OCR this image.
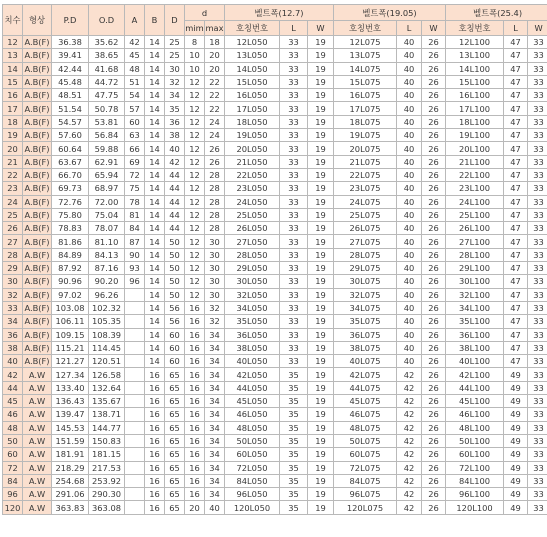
치수	형상	P.D	O.D	A	B	D	d		벨트폭(12.7)			벨트폭(19.05)			벨트폭(25.4)		
							mim	max	호칭번호	L	W	호칭번호	L	W	호칭번호	L	W
12	A.B(F)	36.38	35.62	42	14	25	8	18	12L050	33	19	12L075	40	26	12L100	47	33
13	A.B(F)	39.41	38.65	45	14	25	10	20	13L050	33	19	13L075	40	26	13L100	47	33
14	A.B(F)	42.44	41.68	48	14	30	10	20	14L050	33	19	14L075	40	26	14L100	47	33
15	A.B(F)	45.48	44.72	51	14	32	12	22	15L050	33	19	15L075	40	26	15L100	47	33
16	A.B(F)	48.51	47.75	54	14	34	12	22	16L050	33	19	16L075	40	26	16L100	47	33
17	A.B(F)	51.54	50.78	57	14	35	12	22	17L050	33	19	17L075	40	26	17L100	47	33
18	A.B(F)	54.57	53.81	60	14	36	12	24	18L050	33	19	18L075	40	26	18L100	47	33
19	A.B(F)	57.60	56.84	63	14	38	12	24	19L050	33	19	19L075	40	26	19L100	47	33
20	A.B(F)	60.64	59.88	66	14	40	12	26	20L050	33	19	20L075	40	26	20L100	47	33
21	A.B(F)	63.67	62.91	69	14	42	12	26	21L050	33	19	21L075	40	26	21L100	47	33
22	A.B(F)	66.70	65.94	72	14	44	12	28	22L050	33	19	22L075	40	26	22L100	47	33
23	A.B(F)	69.73	68.97	75	14	44	12	28	23L050	33	19	23L075	40	26	23L100	47	33
24	A.B(F)	72.76	72.00	78	14	44	12	28	24L050	33	19	24L075	40	26	24L100	47	33
25	A.B(F)	75.80	75.04	81	14	44	12	28	25L050	33	19	25L075	40	26	25L100	47	33
26	A.B(F)	78.83	78.07	84	14	44	12	28	26L050	33	19	26L075	40	26	26L100	47	33
27	A.B(F)	81.86	81.10	87	14	50	12	30	27L050	33	19	27L075	40	26	27L100	47	33
28	A.B(F)	84.89	84.13	90	14	50	12	30	28L050	33	19	28L075	40	26	28L100	47	33
29	A.B(F)	87.92	87.16	93	14	50	12	30	29L050	33	19	29L075	40	26	29L100	47	33
30	A.B(F)	90.96	90.20	96	14	50	12	30	30L050	33	19	30L075	40	26	30L100	47	33
32	A.B(F)	97.02	96.26		14	50	12	30	32L050	33	19	32L075	40	26	32L100	47	33
33	A.B(F)	103.08	102.32		14	56	16	32	34L050	33	19	34L075	40	26	34L100	47	33
34	A.B(F)	106.11	105.35		14	56	16	32	35L050	33	19	35L075	40	26	35L100	47	33
36	A.B(F)	109.15	108.39		14	60	16	34	36L050	33	19	36L075	40	26	36L100	47	33
38	A.B(F)	115.21	114.45		14	60	16	34	38L050	33	19	38L075	40	26	38L100	47	33
40	A.B(F)	121.27	120.51		14	60	16	34	40L050	33	19	40L075	40	26	40L100	47	33
42	A.W	127.34	126.58		16	65	16	34	42L050	35	19	42L075	42	26	42L100	49	33
44	A.W	133.40	132.64		16	65	16	34	44L050	35	19	44L075	42	26	44L100	49	33
45	A.W	136.43	135.67		16	65	16	34	45L050	35	19	45L075	42	26	45L100	49	33
46	A.W	139.47	138.71		16	65	16	34	46L050	35	19	46L075	42	26	46L100	49	33
48	A.W	145.53	144.77		16	65	16	34	48L050	35	19	48L075	42	26	48L100	49	33
50	A.W	151.59	150.83		16	65	16	34	50L050	35	19	50L075	42	26	50L100	49	33
60	A.W	181.91	181.15		16	65	16	34	60L050	35	19	60L075	42	26	60L100	49	33
72	A.W	218.29	217.53		16	65	16	34	72L050	35	19	72L075	42	26	72L100	49	33
84	A.W	254.68	253.92		16	65	16	34	84L050	35	19	84L075	42	26	84L100	49	33
96	A.W	291.06	290.30		16	65	16	34	96L050	35	19	96L075	42	26	96L100	49	33
120	A.W	363.83	363.08		16	65	20	40	120L050	35	19	120L075	42	26	120L100	49	33
